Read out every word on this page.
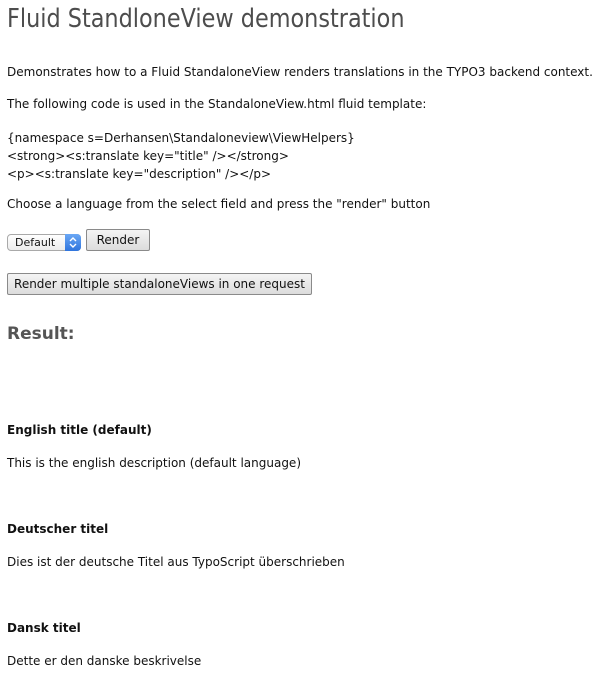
Fluid StandloneView demonstration

Demonstrates how to a Fluid StandaloneView renders translations in the TYPO3 backend context.

The following code is used in the StandaloneView.html fluid template:

{namespace s=Derhansen\Standaloneview\ViewHelpers}
<strong><s:translate key="title" /></strong>
<p><s:translate key="description" /></p>

Choose a language from the select field and press the "render" button

Default	Render
Render multiple standaloneViews in one request
Result:

English title (default)

This is the english description (default language)

Deutscher titel

Dies ist der deutsche Titel aus TypoScript überschrieben

Dansk titel

Dette er den danske beskrivelse
